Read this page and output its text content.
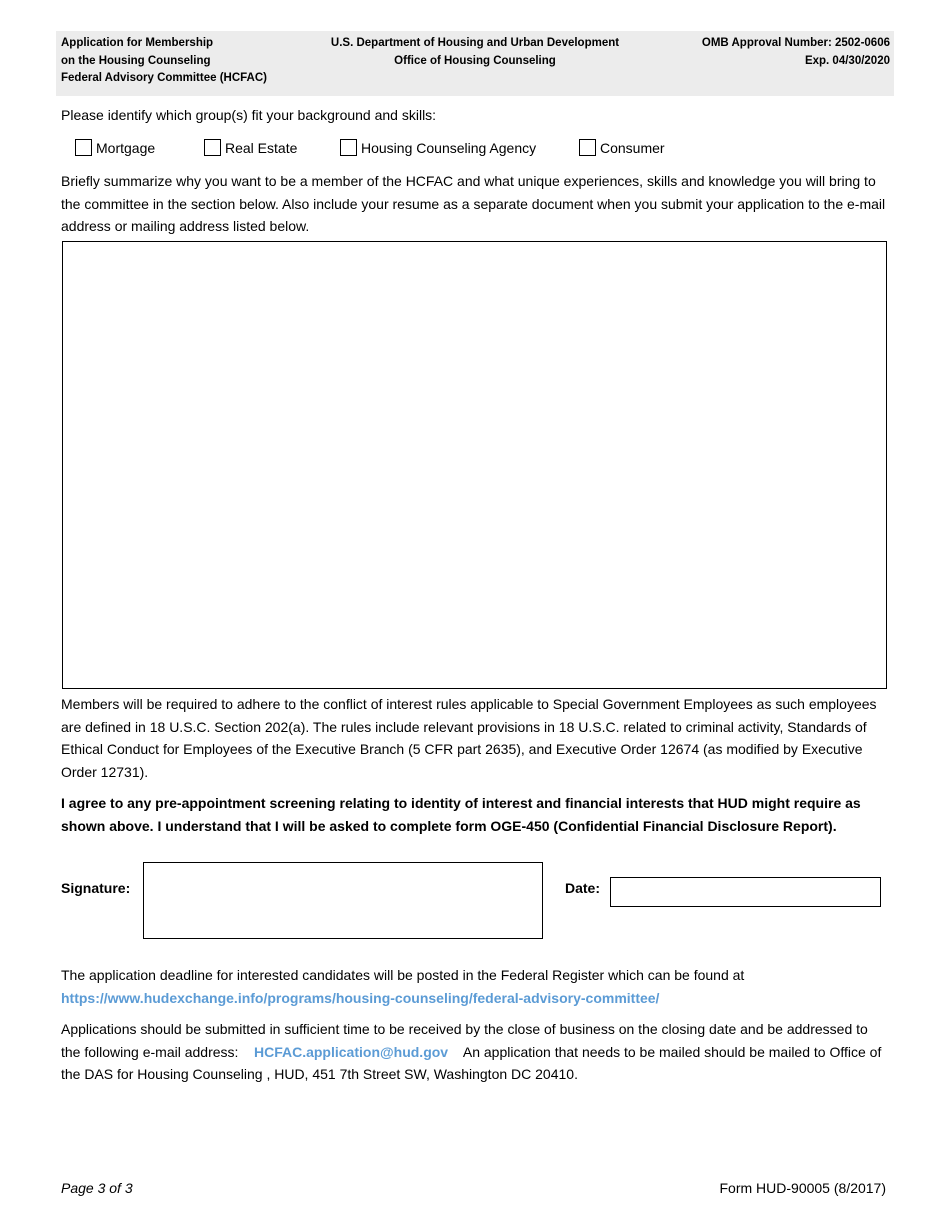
Application for Membership
on the Housing Counseling
Federal Advisory Committee (HCFAC)
U.S. Department of Housing and Urban Development
Office of Housing Counseling
OMB Approval Number: 2502-0606
Exp. 04/30/2020
Please identify which group(s) fit your background and skills:
Mortgage	Real Estate	Housing Counseling Agency	Consumer
Briefly summarize why you want to be a member of the HCFAC and what unique experiences, skills and knowledge you will bring to the committee in the section below. Also include your resume as a separate document when you submit your application to the e-mail address or mailing address listed below.
Members will be required to adhere to the conflict of interest rules applicable to Special Government Employees as such employees are defined in 18 U.S.C. Section 202(a). The rules include relevant provisions in 18 U.S.C. related to criminal activity, Standards of Ethical Conduct for Employees of the Executive Branch (5 CFR part 2635), and Executive Order 12674 (as modified by Executive Order 12731).
I agree to any pre-appointment screening relating to identity of interest and financial interests that HUD might require as shown above. I understand that I will be asked to complete form OGE-450 (Confidential Financial Disclosure Report).
Signature:	Date:
The application deadline for interested candidates will be posted in the Federal Register which can be found at
https://www.hudexchange.info/programs/housing-counseling/federal-advisory-committee/
Applications should be submitted in sufficient time to be received by the close of business on the closing date and be addressed to the following e-mail address: HCFAC.application@hud.gov An application that needs to be mailed should be mailed to Office of the DAS for Housing Counseling , HUD, 451 7th Street SW, Washington DC 20410.
Page 3 of 3	Form HUD-90005 (8/2017)
